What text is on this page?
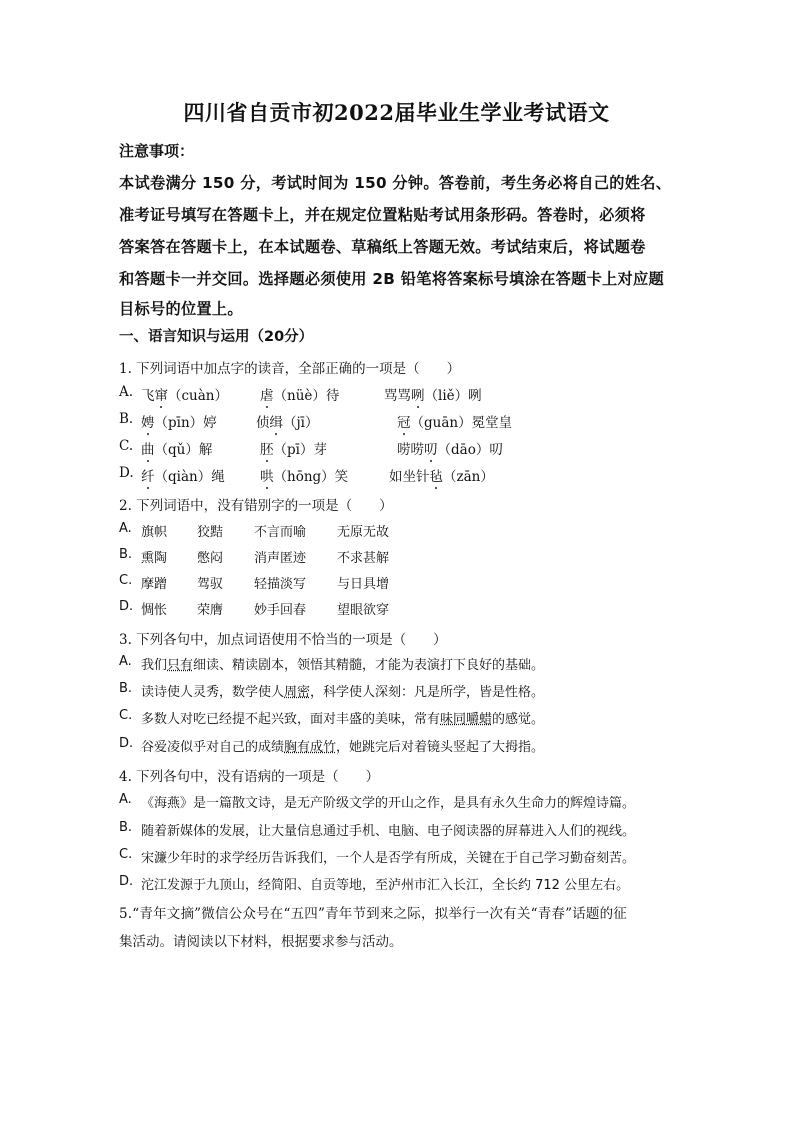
四川省自贡市初2022届毕业生学业考试语文
注意事项：
本试卷满分 150 分，考试时间为 150 分钟。答卷前，考生务必将自己的姓名、
准考证号填写在答题卡上，并在规定位置粘贴考试用条形码。答卷时，必须将
答案答在答题卡上，在本试题卷、草稿纸上答题无效。考试结束后，将试题卷
和答题卡一并交回。选择题必须使用 2B 铅笔将答案标号填涂在答题卡上对应题
目标号的位置上。
一、语言知识与运用（20分）
1. 下列词语中加点字的读音，全部正确的一项是（　　）
A. 飞窜（cuàn） 虐（nüè）待	骂骂咧（liě）咧
B. 娉（pīn）婷	侦缉（jī）	冠（guān）冕堂皇
C. 曲（qǔ）解	胚（pī）芽	唠唠叨（dāo）叨
D. 纤（qiàn）绳	哄（hōng）笑	如坐针毡（zān）
2. 下列词语中，没有错别字的一项是（　　）
A. 旗帜 狡黠 不言而喻 无原无故
B. 熏陶 憋闷 消声匿迹 不求甚解
C. 摩蹭 驾驭 轻描淡写 与日具增
D. 惆怅 荣膺 妙手回春 望眼欲穿
3. 下列各句中，加点词语使用不恰当的一项是（　　）
A. 我们只有细读、精读剧本，领悟其精髓，才能为表演打下良好的基础。
B. 读诗使人灵秀，数学使人周密，科学使人深刻：凡是所学，皆是性格。
C. 多数人对吃已经提不起兴致，面对丰盛的美味，常有味同嚼蜡的感觉。
D. 谷爱凌似乎对自己的成绩胸有成竹，她跳完后对着镜头竖起了大拇指。
4. 下列各句中，没有语病的一项是（　　）
A. 《海燕》是一篇散文诗，是无产阶级文学的开山之作，是具有永久生命力的辉煌诗篇。
B. 随着新媒体的发展，让大量信息通过手机、电脑、电子阅读器的屏幕进入人们的视线。
C. 宋濂少年时的求学经历告诉我们，一个人是否学有所成，关键在于自己学习勤奋刻苦。
D. 沱江发源于九顶山，经简阳、自贡等地，至泸州市汇入长江，全长约 712 公里左右。
5.“青年文摘”微信公众号在“五四”青年节到来之际，拟举行一次有关“青春”话题的征
集活动。请阅读以下材料，根据要求参与活动。
